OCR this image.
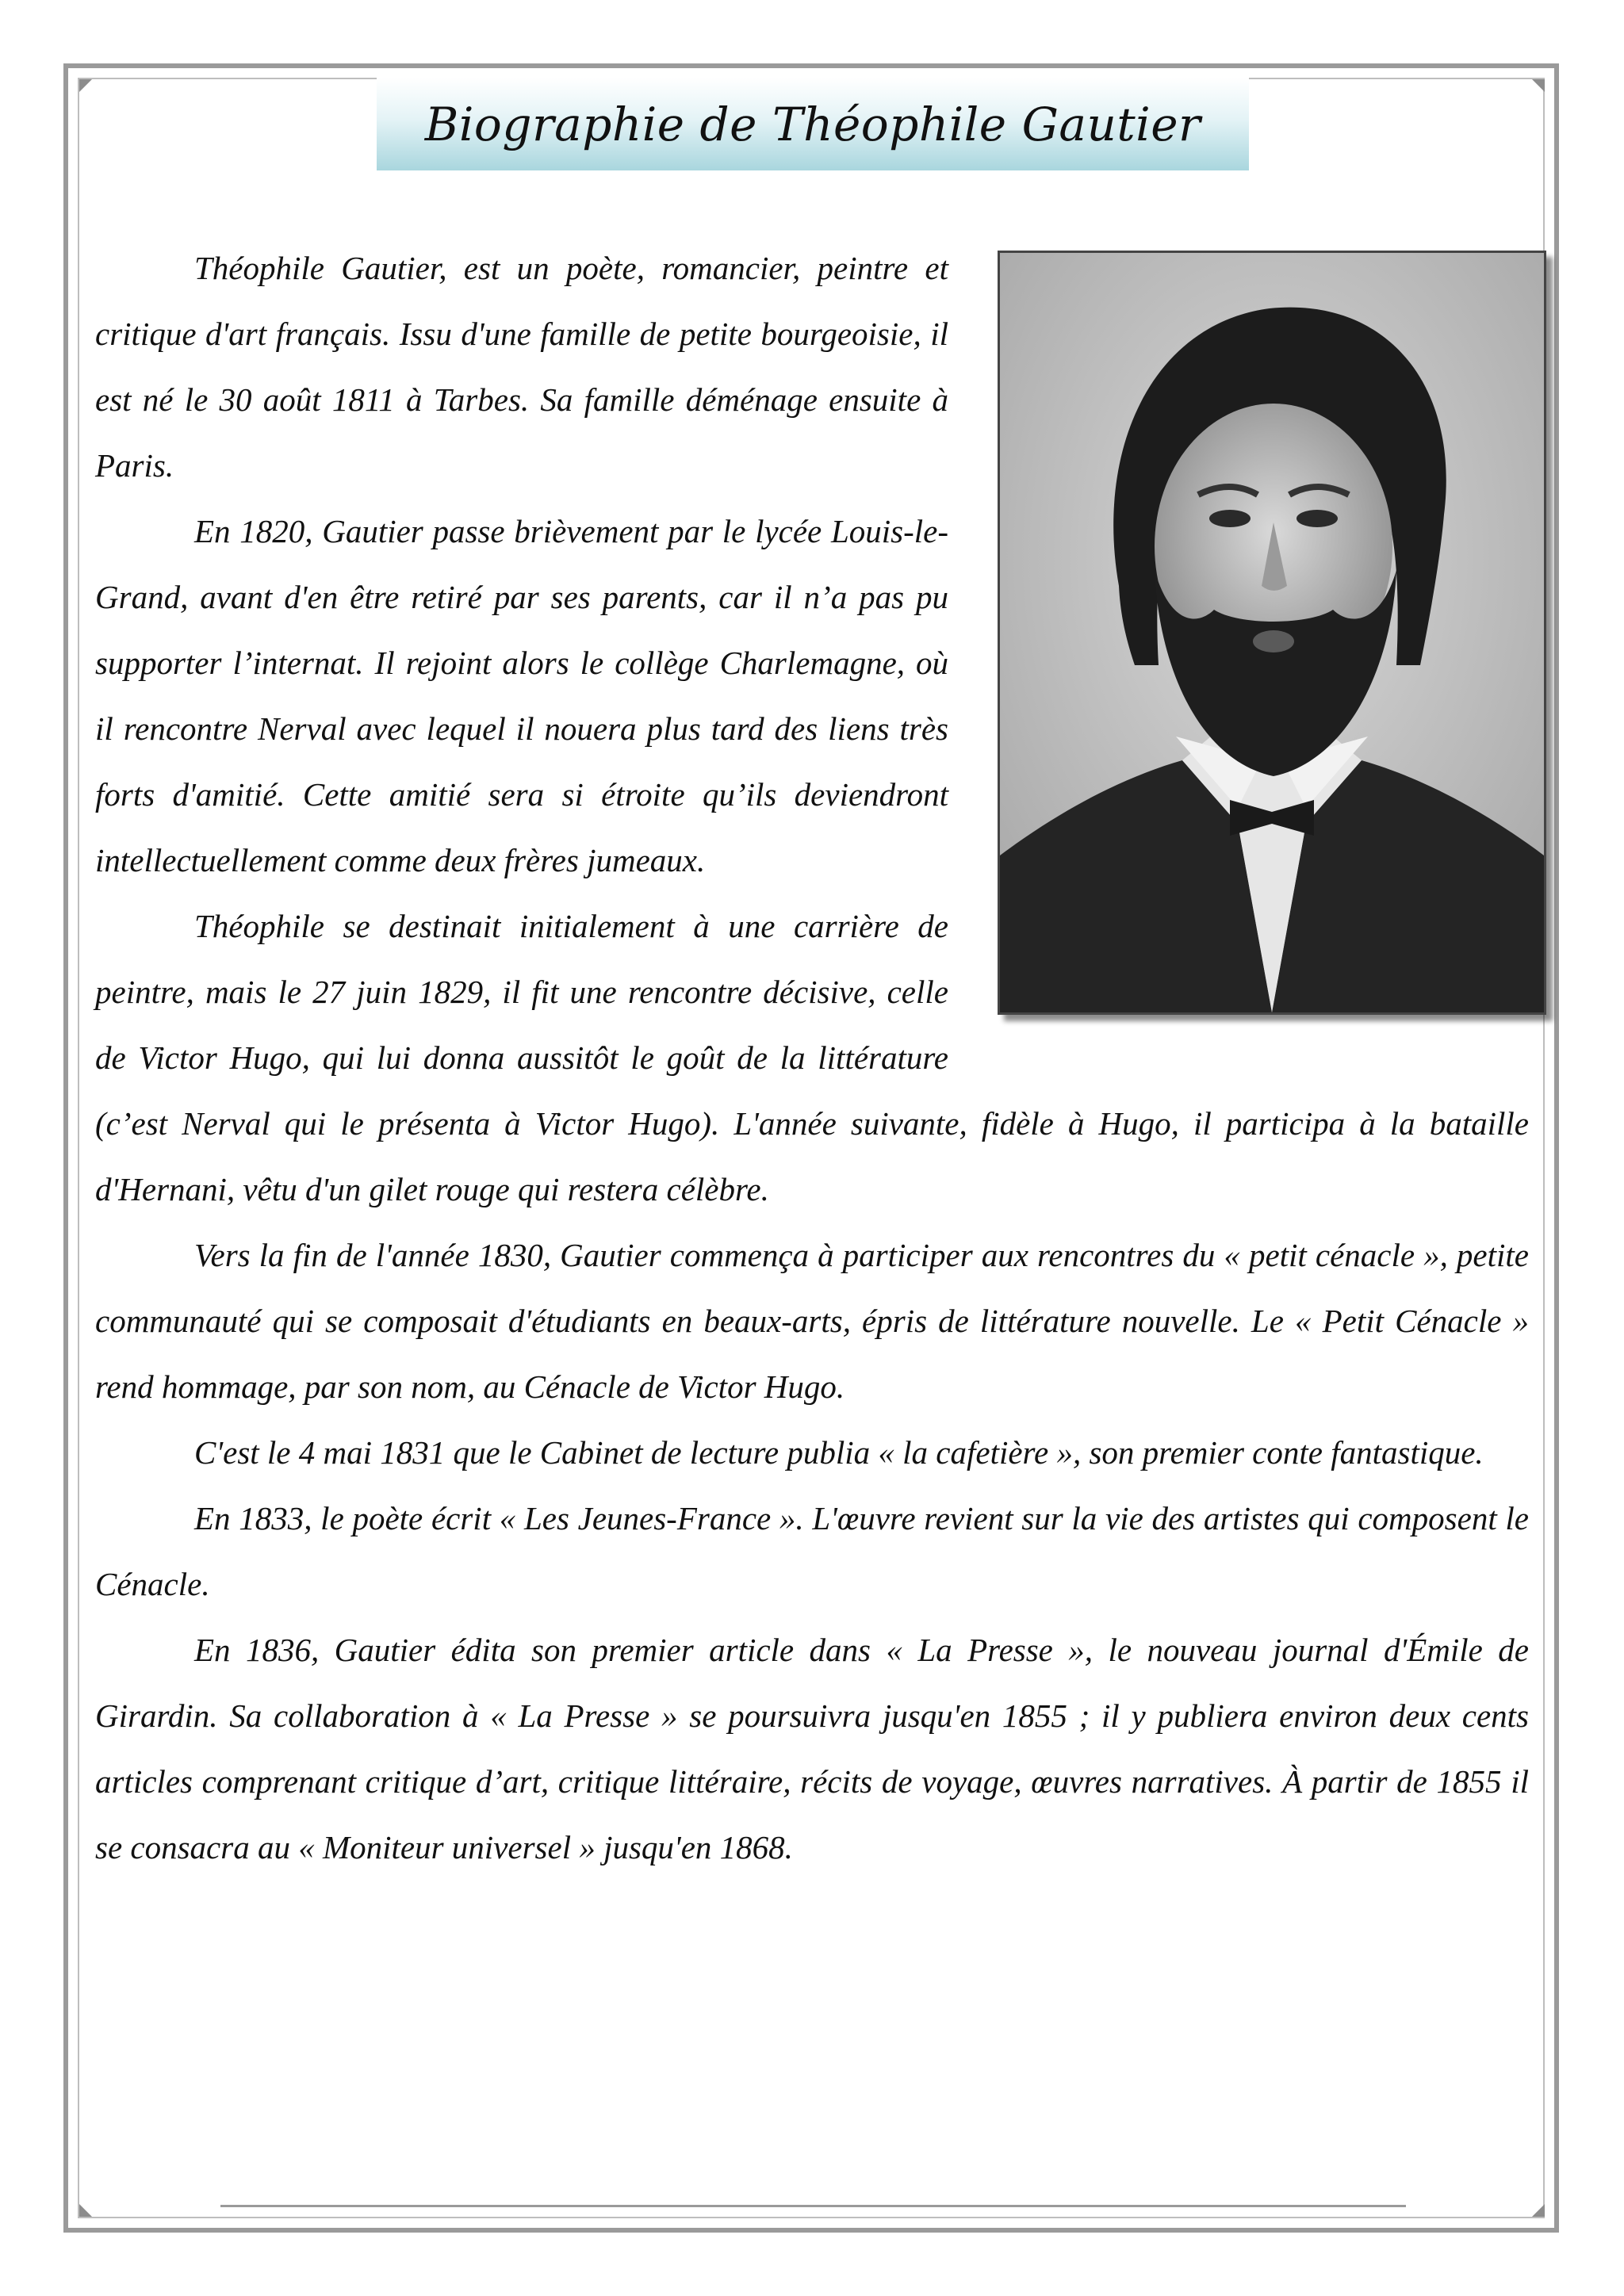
Biographie de Théophile Gautier

Théophile Gautier, est un poète, romancier, peintre et critique d'art français. Issu d'une famille de petite bourgeoisie, il est né le 30 août 1811 à Tarbes. Sa famille déménage ensuite à Paris.

En 1820, Gautier passe brièvement par le lycée Louis-le-Grand, avant d'en être retiré par ses parents, car il n’a pas pu supporter l’internat. Il rejoint alors le collège Charlemagne, où il rencontre Nerval avec lequel il nouera plus tard des liens très forts d'amitié. Cette amitié sera si étroite qu’ils deviendront intellectuellement comme deux frères jumeaux.

Théophile se destinait initialement à une carrière de peintre, mais le 27 juin 1829, il fit une rencontre décisive, celle de Victor Hugo, qui lui donna aussitôt le goût de la littérature (c’est Nerval qui le présenta à Victor Hugo). L'année suivante, fidèle à Hugo, il participa à la bataille d'Hernani, vêtu d'un gilet rouge qui restera célèbre.

Vers la fin de l'année 1830, Gautier commença à participer aux rencontres du « petit cénacle », petite communauté qui se composait d'étudiants en beaux-arts, épris de littérature nouvelle. Le « Petit Cénacle » rend hommage, par son nom, au Cénacle de Victor Hugo.

C'est le 4 mai 1831 que le Cabinet de lecture publia « la cafetière », son premier conte fantastique.

En 1833, le poète écrit « Les Jeunes-France ». L'œuvre revient sur la vie des artistes qui composent le Cénacle.

En 1836, Gautier édita son premier article dans « La Presse », le nouveau journal d'Émile de Girardin. Sa collaboration à « La Presse » se poursuivra jusqu'en 1855 ; il y publiera environ deux cents articles comprenant critique d’art, critique littéraire, récits de voyage, œuvres narratives. À partir de 1855 il se consacra au « Moniteur universel » jusqu'en 1868.
